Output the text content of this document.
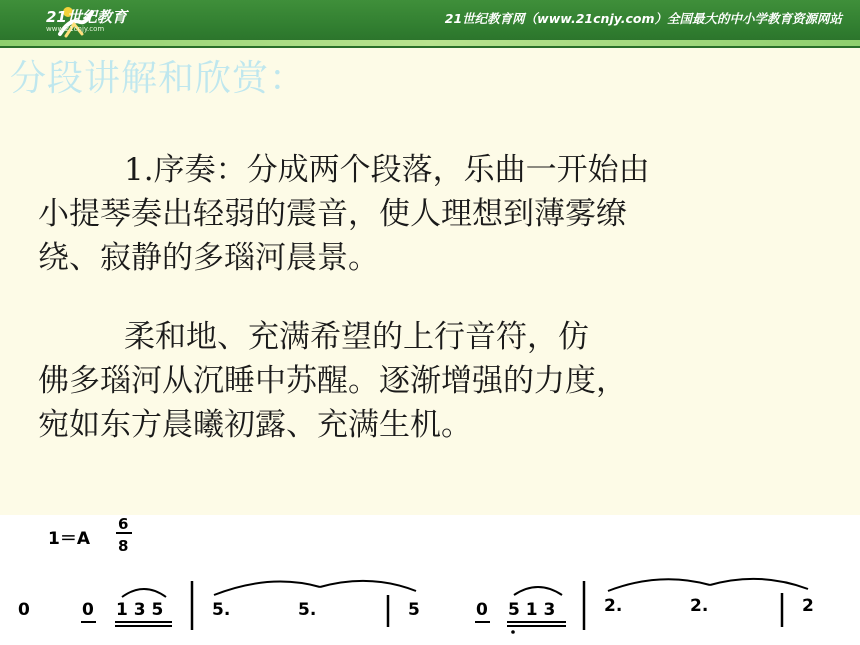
21世纪教育
www.21cnjy.com
21世纪教育网（www.21cnjy.com）全国最大的中小学教育资源网站
分段讲解和欣赏：
1.序奏：分成两个段落，乐曲一开始由
小提琴奏出轻弱的震音，使人理想到薄雾缭
绕、寂静的多瑙河晨景。
柔和地、充满希望的上行音符，仿
佛多瑙河从沉睡中苏醒。逐渐增强的力度，
宛如东方晨曦初露、充满生机。
1＝A
6
8
0	0 1 3 5	5.	5.	5	0 5 1 3	2.	2.	2
